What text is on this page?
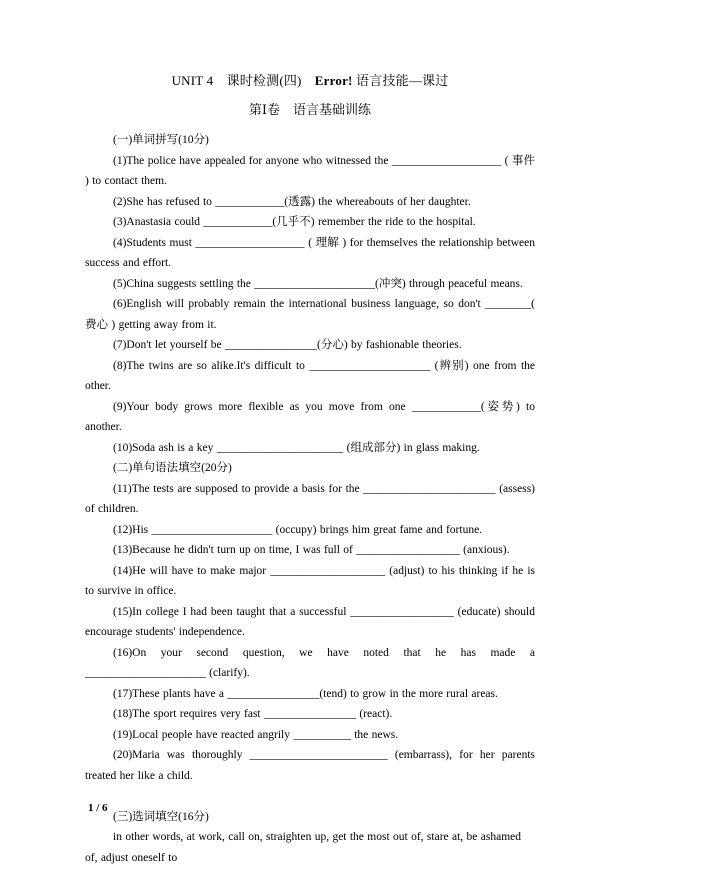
UNIT 4　课时检测(四)　Error! 语言技能—课过
第Ⅰ卷　语言基础训练

(一)单词拼写(10分)

(1)The police have appealed for anyone who witnessed the ___________________ ( 事件 ) to contact them.

(2)She has refused to ____________(透露) the whereabouts of her daughter.

(3)Anastasia could ____________(几乎不) remember the ride to the hospital.

(4)Students must ___________________ ( 理解 ) for themselves the relationship between success and effort.

(5)China suggests settling the _____________________(冲突) through peaceful means.

(6)English will probably remain the international business language, so don't ________( 费心 ) getting away from it.

(7)Don't let yourself be ________________(分心) by fashionable theories.

(8)The twins are so alike.It's difficult to _____________________ (辨别) one from the other.

(9)Your body grows more flexible as you move from one ____________(姿势) to another.

(10)Soda ash is a key ______________________ (组成部分) in glass making.

(二)单句语法填空(20分)

(11)The tests are supposed to provide a basis for the _______________________ (assess) of children.

(12)His _____________________ (occupy) brings him great fame and fortune.

(13)Because he didn't turn up on time, I was full of __________________ (anxious).

(14)He will have to make major ____________________ (adjust) to his thinking if he is to survive in office.

(15)In college I had been taught that a successful __________________ (educate) should encourage students' independence.

(16)On your second question, we have noted that he has made a _____________________ (clarify).

(17)These plants have a ________________(tend) to grow in the more rural areas.

(18)The sport requires very fast ________________ (react).

(19)Local people have reacted angrily __________ the news.

(20)Maria was thoroughly ________________________ (embarrass), for her parents treated her like a child.

(三)选词填空(16分)

in other words, at work, call on, straighten up, get the most out of, stare at, be ashamed of, adjust oneself to

1 / 6
